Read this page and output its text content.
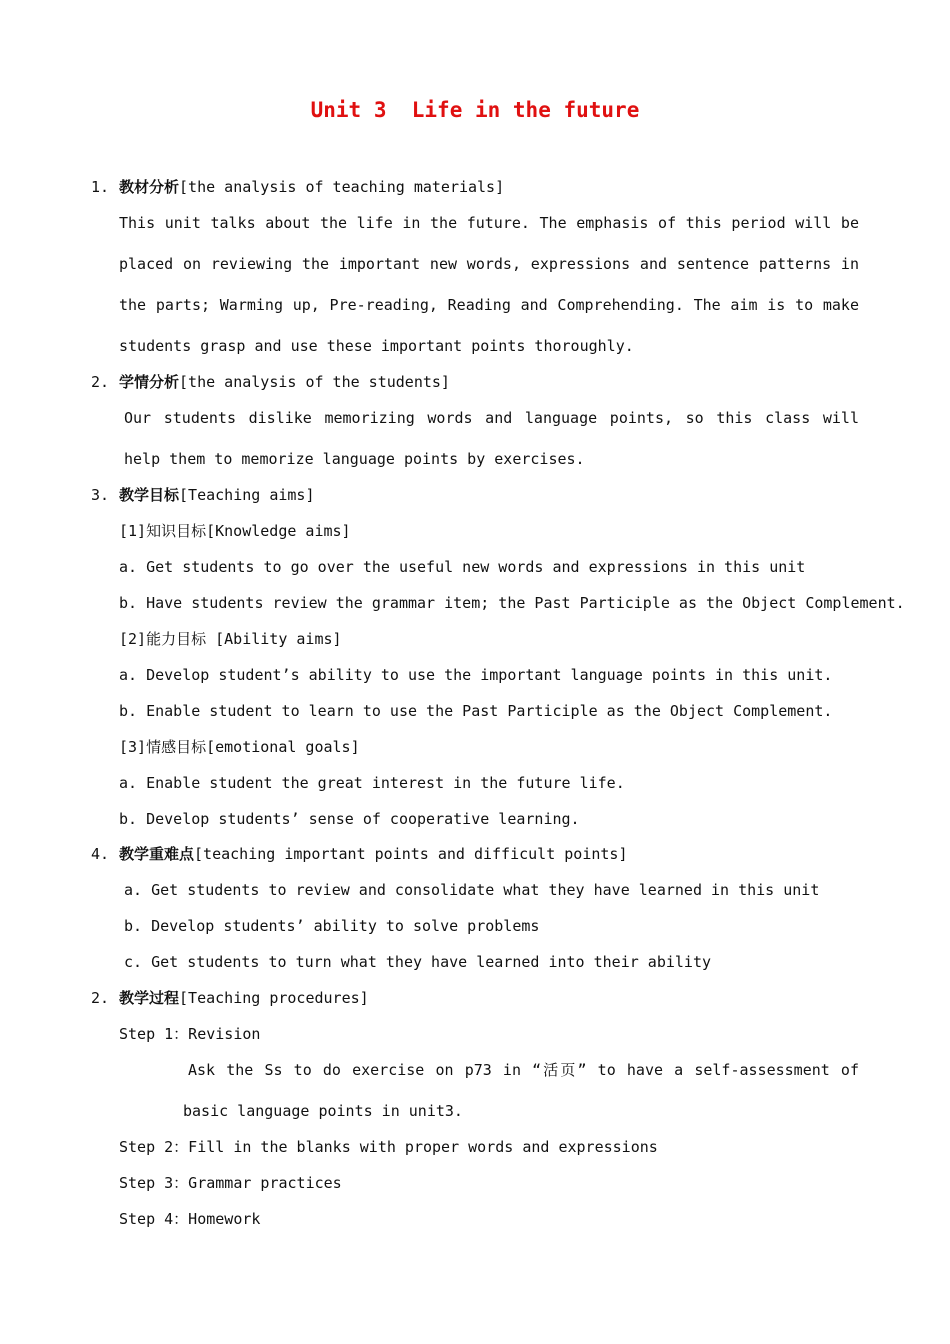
Unit 3  Life in the future
1. 教材分析[the analysis of teaching materials]
This unit talks about the life in the future. The emphasis of this period will be placed on reviewing the important new words, expressions and sentence patterns in the parts; Warming up, Pre-reading, Reading and Comprehending. The aim is to make students grasp and use these important points thoroughly.
2. 学情分析[the analysis of the students]
Our students dislike memorizing words and language points, so this class will help them to memorize language points by exercises.
3. 教学目标[Teaching aims]
[1]知识目标[Knowledge aims]
a. Get students to go over the useful new words and expressions in this unit
b. Have students review the grammar item; the Past Participle as the Object Complement.
[2]能力目标 [Ability aims]
a. Develop student’s ability to use the important language points in this unit.
b. Enable student to learn to use the Past Participle as the Object Complement.
[3]情感目标[emotional goals]
a. Enable student the great interest in the future life.
b. Develop students’ sense of cooperative learning.
4. 教学重难点[teaching important points and difficult points]
a. Get students to review and consolidate what they have learned in this unit
b. Develop students’ ability to solve problems
c. Get students to turn what they have learned into their ability
2. 教学过程[Teaching procedures]
Step 1：Revision
Ask the Ss to do exercise on p73 in “活页” to have a self-assessment of basic language points in unit3.
Step 2：Fill in the blanks with proper words and expressions
Step 3：Grammar practices
Step 4：Homework
